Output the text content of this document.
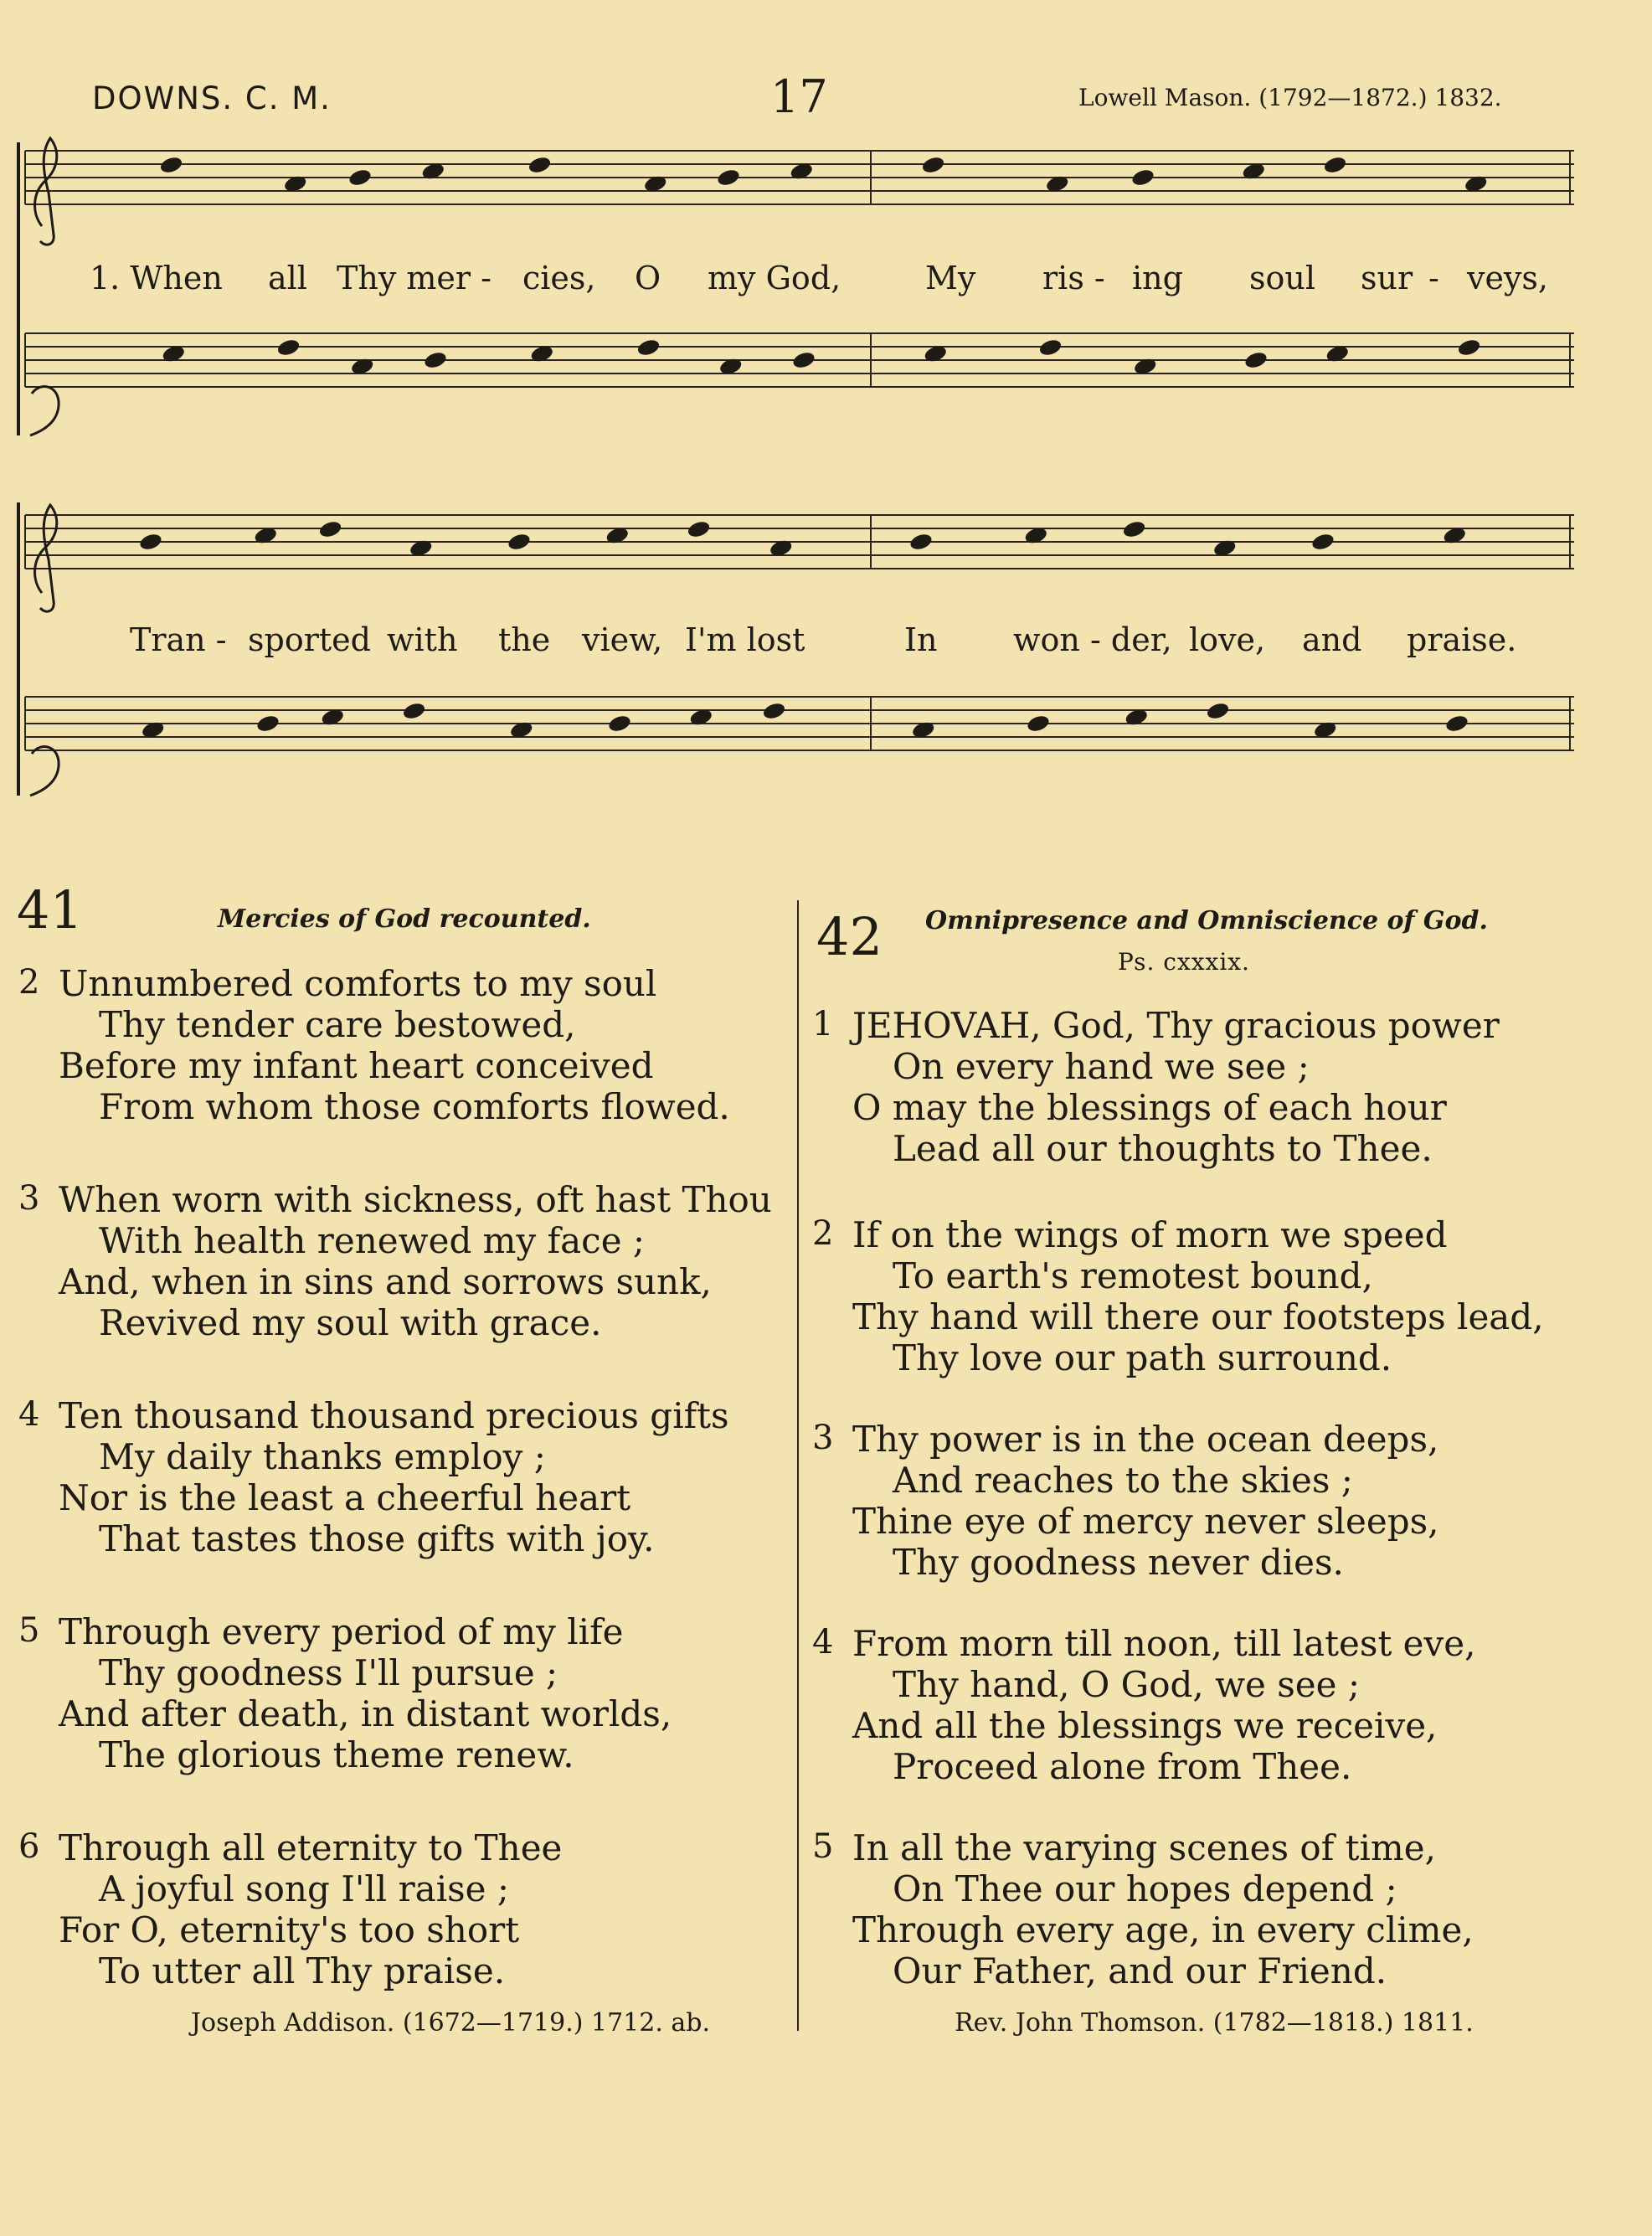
DOWNS. C. M.	17	Lowell Mason. (1792—1872.) 1832.
1. When all Thy mer - cies, O my God,	My ris - ing soul sur - veys,
Tran - sported with the view, I'm lost	In won - der, love, and praise.
41	Mercies of God recounted.
2 Unnumbered comforts to my soul
Thy tender care bestowed,
Before my infant heart conceived
From whom those comforts flowed.
3 When worn with sickness, oft hast Thou
With health renewed my face ;
And, when in sins and sorrows sunk,
Revived my soul with grace.
4 Ten thousand thousand precious gifts
My daily thanks employ ;
Nor is the least a cheerful heart
That tastes those gifts with joy.
5 Through every period of my life
Thy goodness I'll pursue ;
And after death, in distant worlds,
The glorious theme renew.
6 Through all eternity to Thee
A joyful song I'll raise ;
For O, eternity's too short
To utter all Thy praise.
Joseph Addison. (1672—1719.) 1712. ab.
42 Omnipresence and Omniscience of God.
Ps. cxxxix.
1 JEHOVAH, God, Thy gracious power
On every hand we see ;
O may the blessings of each hour
Lead all our thoughts to Thee.
2 If on the wings of morn we speed
To earth's remotest bound,
Thy hand will there our footsteps lead,
Thy love our path surround.
3 Thy power is in the ocean deeps,
And reaches to the skies ;
Thine eye of mercy never sleeps,
Thy goodness never dies.
4 From morn till noon, till latest eve,
Thy hand, O God, we see ;
And all the blessings we receive,
Proceed alone from Thee.
5 In all the varying scenes of time,
On Thee our hopes depend ;
Through every age, in every clime,
Our Father, and our Friend.
Rev. John Thomson. (1782—1818.) 1811.
